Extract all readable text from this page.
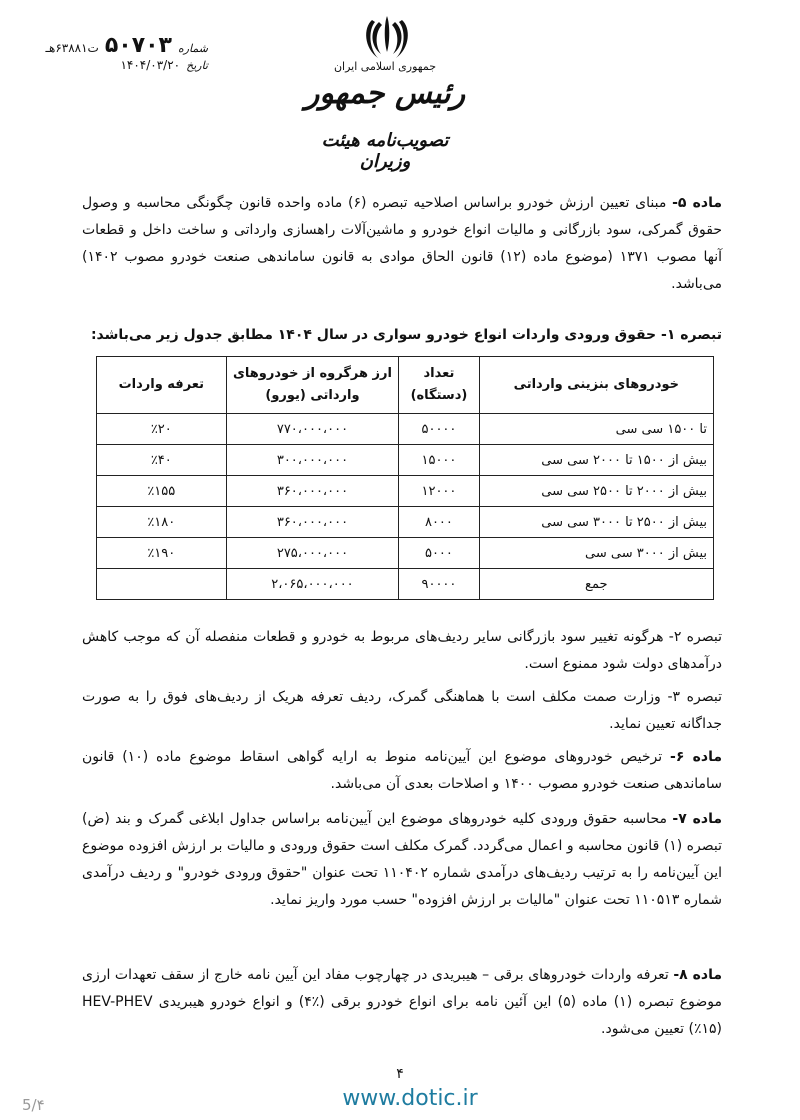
شماره
۵۰۷۰۳
ت۶۳۸۸۱هـ
تاریخ
۱۴۰۴/۰۳/۲۰	جمهوری اسلامی ایران
رئیس جمهور
تصویب‌نامه هیئت وزیران
ماده ۵- مبنای تعیین ارزش خودرو براساس اصلاحیه تبصره (۶) ماده واحده قانون چگونگی محاسبه و وصول حقوق گمرکی، سود بازرگانی و مالیات انواع خودرو و ماشین‌آلات راهسازی وارداتی و ساخت داخل و قطعات آنها مصوب ۱۳۷۱ (موضوع ماده (۱۲) قانون الحاق موادی به قانون ساماندهی صنعت خودرو مصوب ۱۴۰۲) می‌باشد.
تبصره ۱- حقوق ورودی واردات انواع خودرو سواری در سال ۱۴۰۴ مطابق جدول زیر می‌باشد:
خودروهای بنزینی وارداتی	تعداد (دستگاه)	ارز هرگروه از خودروهای وارداتی (یورو)	تعرفه واردات
تا ۱۵۰۰ سی سی	۵۰۰۰۰	۷۷۰،۰۰۰،۰۰۰	٪۲۰
بیش از ۱۵۰۰ تا ۲۰۰۰ سی سی	۱۵۰۰۰	۳۰۰،۰۰۰،۰۰۰	٪۴۰
بیش از ۲۰۰۰ تا ۲۵۰۰ سی سی	۱۲۰۰۰	۳۶۰،۰۰۰،۰۰۰	٪۱۵۵
بیش از ۲۵۰۰ تا ۳۰۰۰ سی سی	۸۰۰۰	۳۶۰،۰۰۰،۰۰۰	٪۱۸۰
بیش از ۳۰۰۰ سی سی	۵۰۰۰	۲۷۵،۰۰۰،۰۰۰	٪۱۹۰
جمع	۹۰۰۰۰	۲،۰۶۵،۰۰۰،۰۰۰	
تبصره ۲- هرگونه تغییر سود بازرگانی سایر ردیف‌های مربوط به خودرو و قطعات منفصله آن که موجب کاهش درآمدهای دولت شود ممنوع است.
تبصره ۳- وزارت صمت مکلف است با هماهنگی گمرک، ردیف تعرفه هریک از ردیف‌های فوق را به صورت جداگانه تعیین نماید.
ماده ۶- ترخیص خودروهای موضوع این آیین‌نامه منوط به ارایه گواهی اسقاط موضوع ماده (۱۰) قانون ساماندهی صنعت خودرو مصوب ۱۴۰۰ و اصلاحات بعدی آن می‌باشد.
ماده ۷- محاسبه حقوق ورودی کلیه خودروهای موضوع این آیین‌نامه براساس جداول ابلاغی گمرک و بند (ض) تبصره (۱) قانون محاسبه و اعمال می‌گردد. گمرک مکلف است حقوق ورودی و مالیات بر ارزش افزوده موضوع این آیین‌نامه را به ترتیب ردیف‌های درآمدی شماره ۱۱۰۴۰۲ تحت عنوان "حقوق ورودی خودرو" و ردیف درآمدی شماره ۱۱۰۵۱۳ تحت عنوان "مالیات بر ارزش افزوده" حسب مورد واریز نماید.
ماده ۸- تعرفه واردات خودروهای برقی – هیبریدی در چهارچوب مفاد این آیین نامه خارج از سقف تعهدات ارزی موضوع تبصره (۱) ماده (۵) این آئین نامه برای انواع خودرو برقی (٪۴) و انواع خودرو هیبریدی HEV-PHEV (٪۱۵) تعیین می‌شود.
۴
5/۴	www.dotic.ir
